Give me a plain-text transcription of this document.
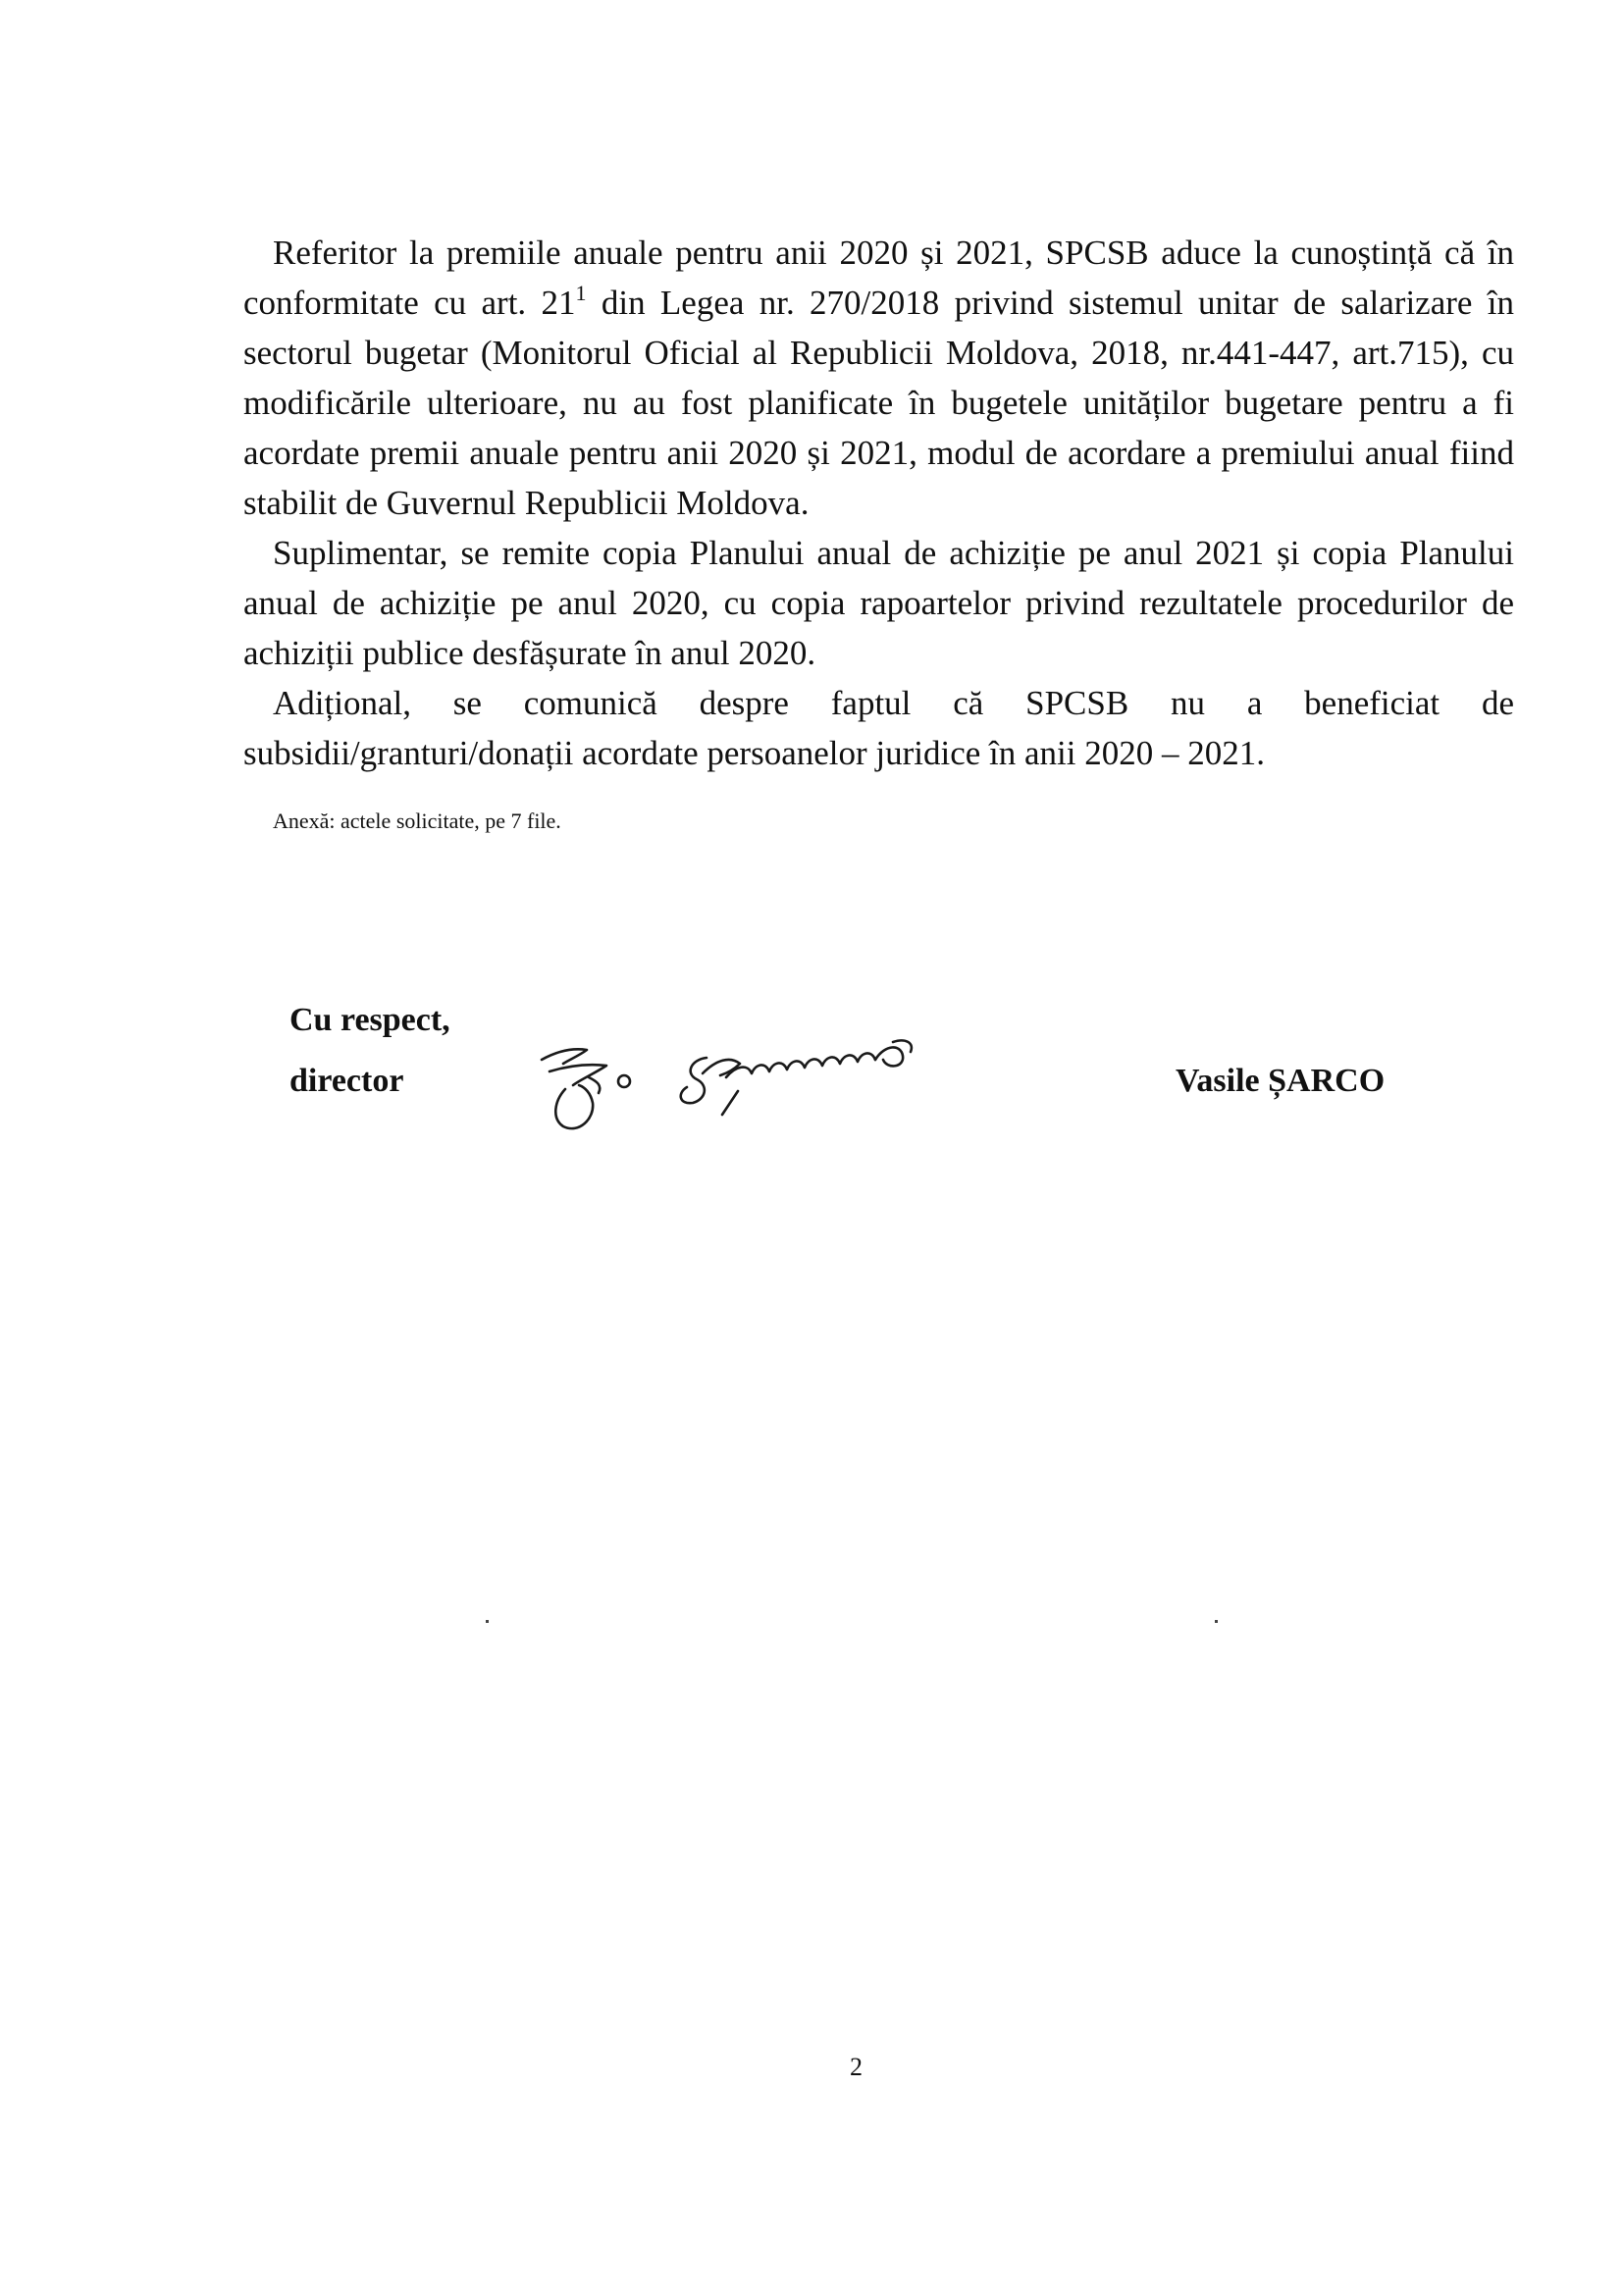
Referitor la premiile anuale pentru anii 2020 și 2021, SPCSB aduce la cunoștință că în conformitate cu art. $21^1$ din Legea nr. 270/2018 privind sistemul unitar de salarizare în sectorul bugetar (Monitorul Oficial al Republicii Moldova, 2018, nr.441-447, art.715), cu modificările ulterioare, nu au fost planificate în bugetele unităților bugetare pentru a fi acordate premii anuale pentru anii 2020 și 2021, modul de acordare a premiului anual fiind stabilit de Guvernul Republicii Moldova.

Suplimentar, se remite copia Planului anual de achiziție pe anul 2021 și copia Planului anual de achiziție pe anul 2020, cu copia rapoartelor privind rezultatele procedurilor de achiziții publice desfășurate în anul 2020.

Adițional, se comunică despre faptul că SPCSB nu a beneficiat de subsidii/granturi/donații acordate persoanelor juridice în anii 2020 – 2021.

Anexă: actele solicitate, pe 7 file.
Cu respect,
director	Vasile ȘARCO
2
